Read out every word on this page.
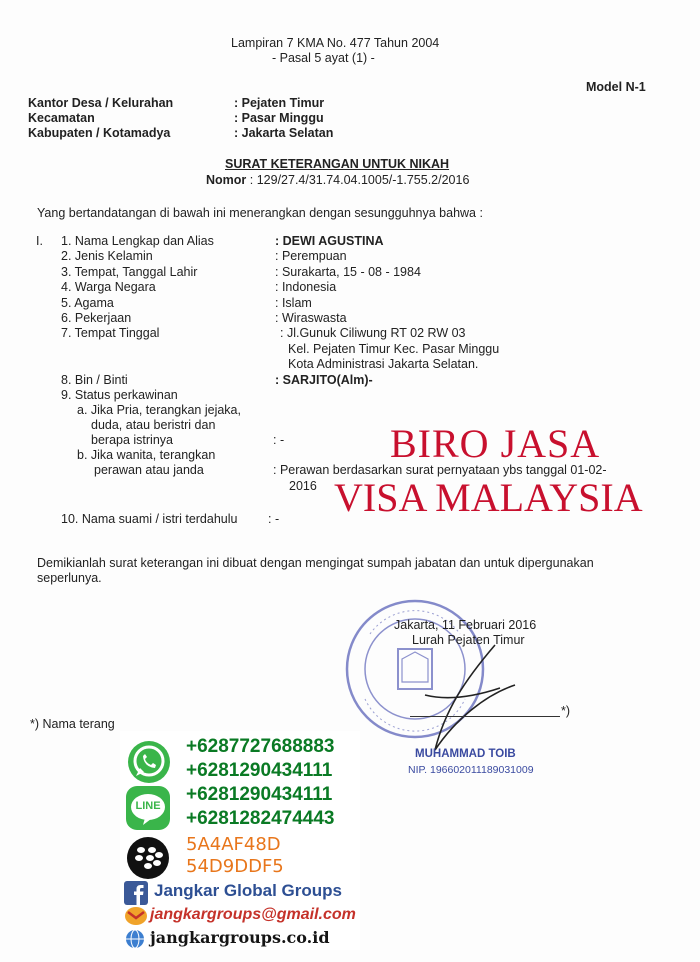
Lampiran 7 KMA No. 477 Tahun 2004
- Pasal 5 ayat (1) -
Model N-1
Kantor Desa / Kelurahan	: Pejaten Timur
Kecamatan	: Pasar Minggu
Kabupaten / Kotamadya	: Jakarta Selatan
SURAT KETERANGAN UNTUK NIKAH
Nomor : 129/27.4/31.74.04.1005/-1.755.2/2016
Yang bertandatangan di bawah ini menerangkan dengan sesungguhnya bahwa :
I. 1. Nama Lengkap dan Alias	: DEWI AGUSTINA
2. Jenis Kelamin	: Perempuan
3. Tempat, Tanggal Lahir	: Surakarta, 15 - 08 - 1984
4. Warga Negara	: Indonesia
5. Agama	: Islam
6. Pekerjaan	: Wiraswasta
7. Tempat Tinggal	: Jl.Gunuk Ciliwung RT 02 RW 03
Kel. Pejaten Timur Kec. Pasar Minggu
Kota Administrasi Jakarta Selatan.
8. Bin / Binti	: SARJITO(Alm)-
9. Status perkawinan
a. Jika Pria, terangkan jejaka,
duda, atau beristri dan
berapa istrinya	: -
b. Jika wanita, terangkan
perawan atau janda	: Perawan berdasarkan surat pernyataan ybs tanggal 01-02-
2016
10. Nama suami / istri terdahulu : -
BIRO JASA
VISA MALAYSIA
Demikianlah surat keterangan ini dibuat dengan mengingat sumpah jabatan dan untuk dipergunakan
seperlunya.
Jakarta, 11 Februari 2016
Lurah Pejaten Timur
*)
MUHAMMAD TOIB
NIP. 196602011189031009
*) Nama terang
+6287727688883
+6281290434111
LINE
+6281290434111
+6281282474443
5A4AF48D
54D9DDF5
Jangkar Global Groups
jangkargroups@gmail.com
jangkargroups.co.id
